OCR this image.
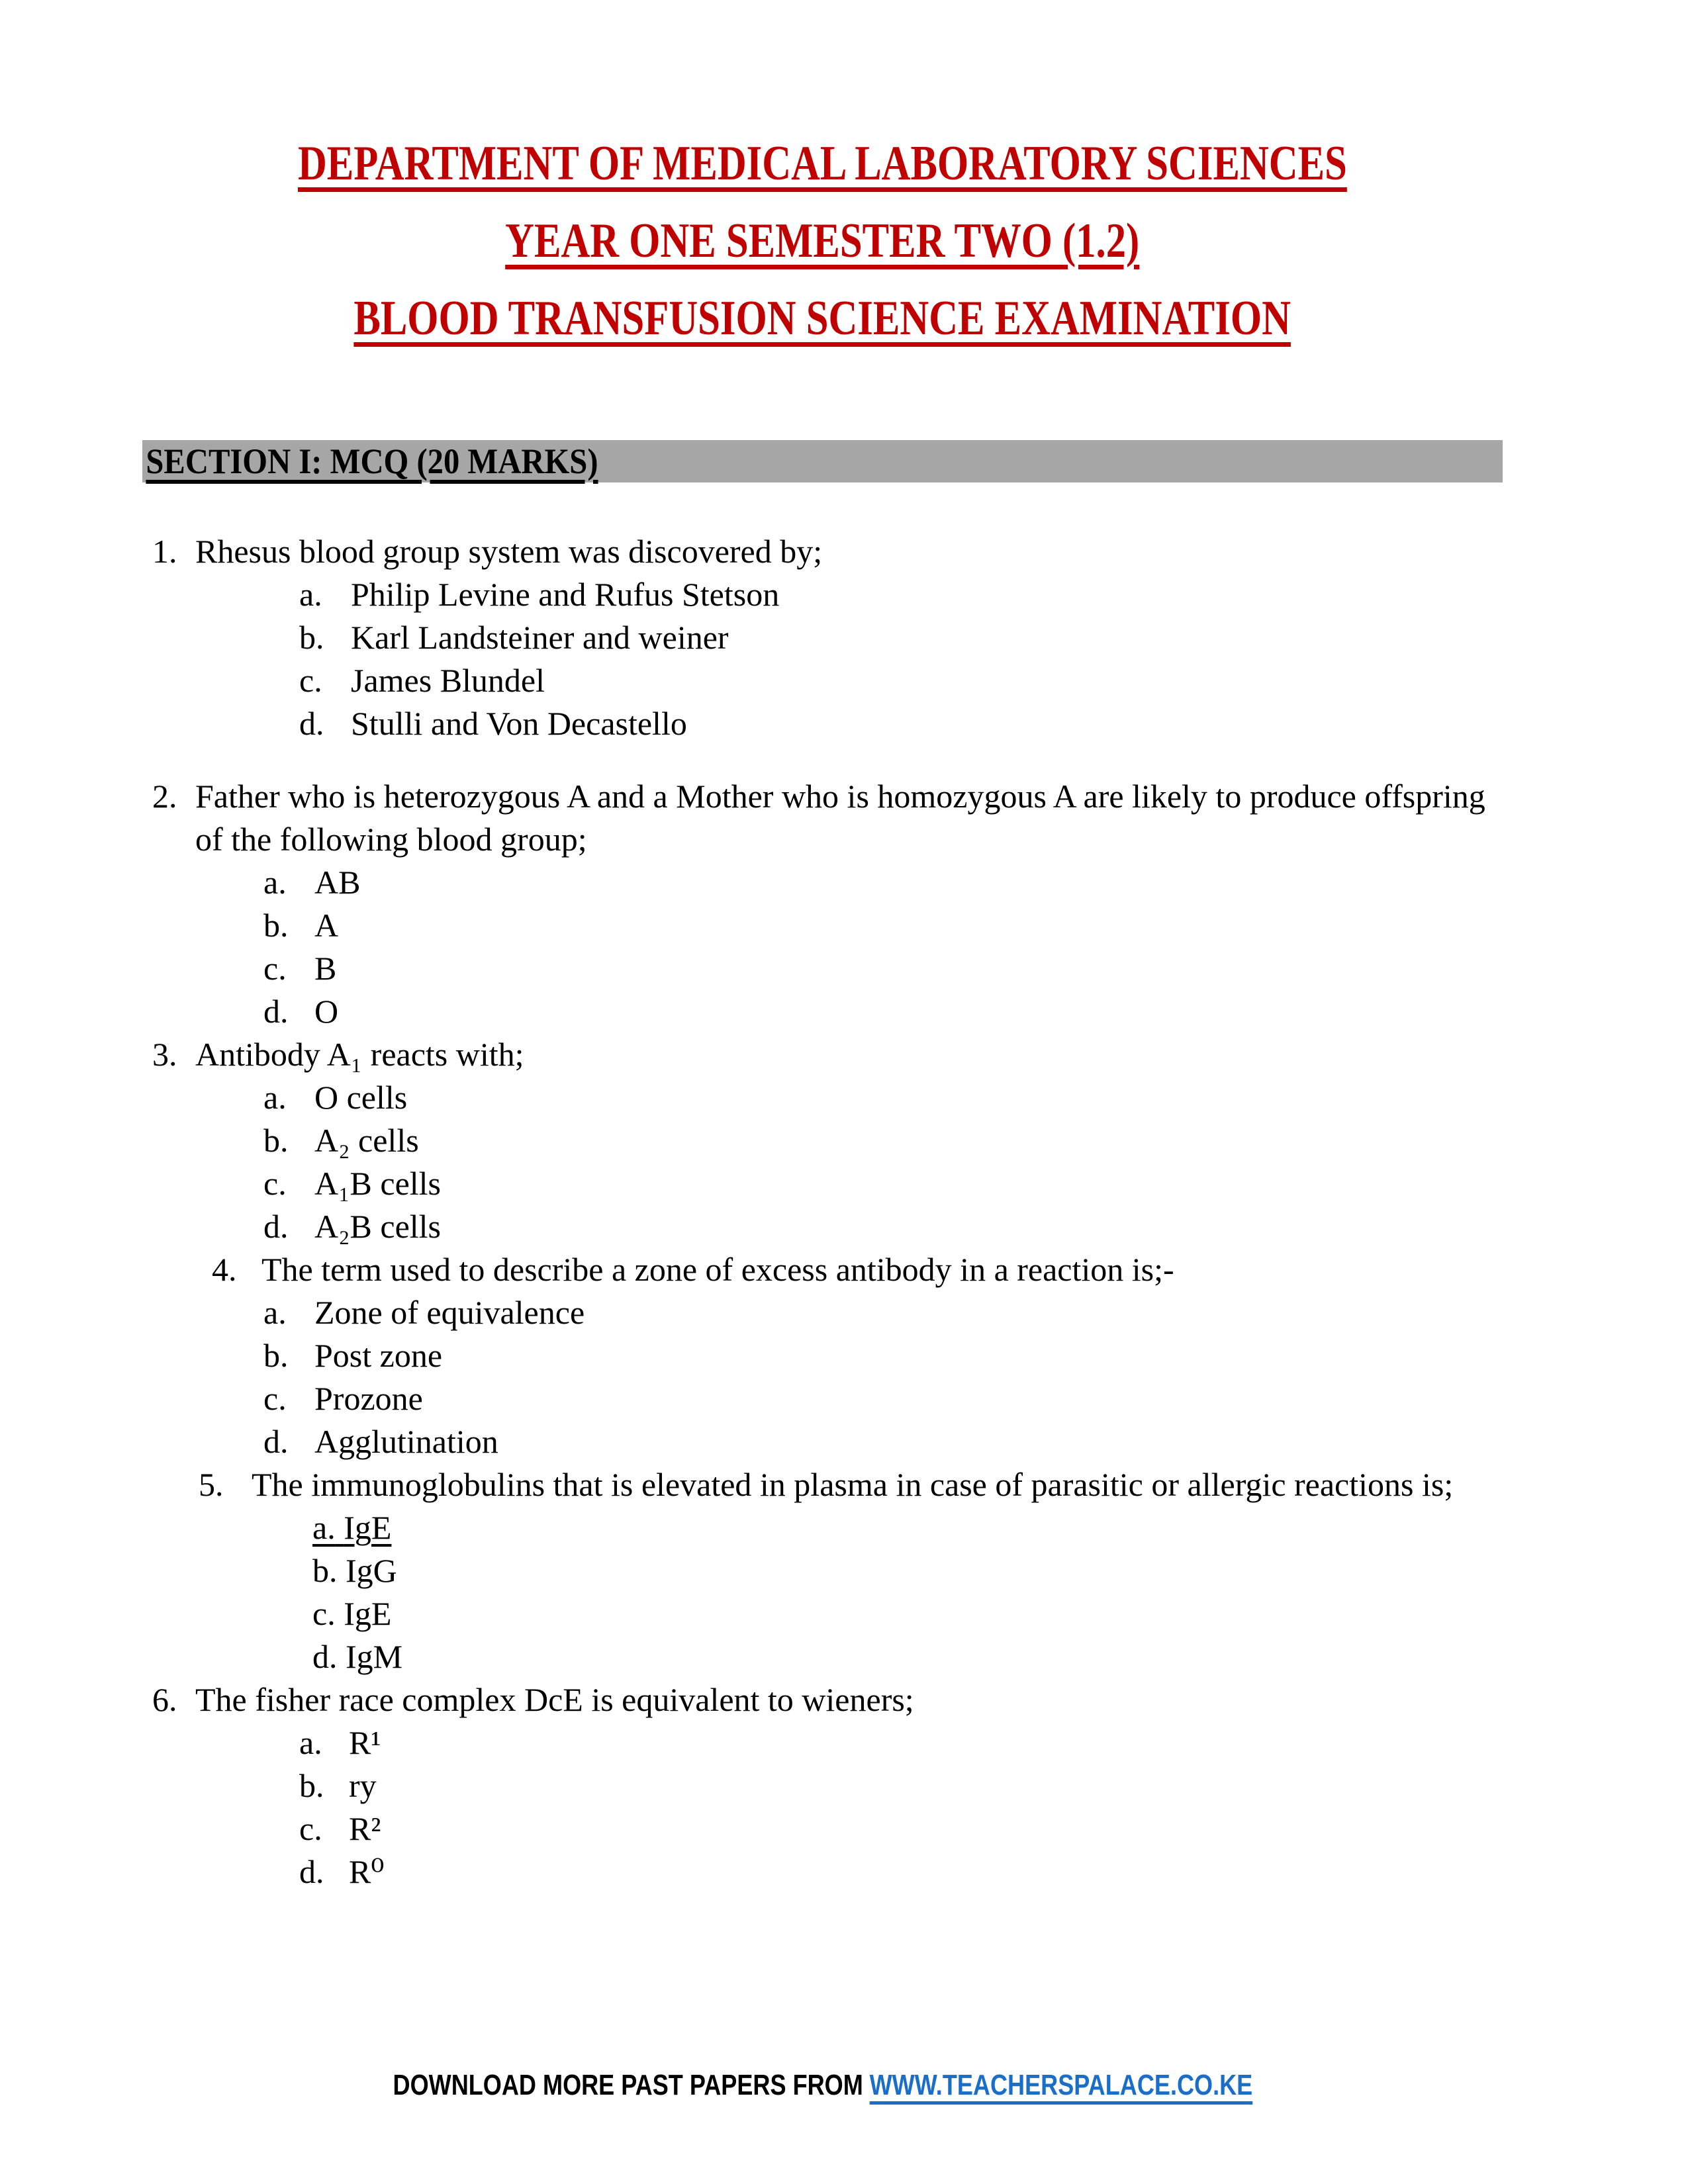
DEPARTMENT OF MEDICAL LABORATORY SCIENCES
YEAR ONE SEMESTER TWO (1.2)
BLOOD TRANSFUSION SCIENCE EXAMINATION
SECTION I: MCQ (20 MARKS)
1. Rhesus blood group system was discovered by;
a. Philip Levine and Rufus Stetson
b. Karl Landsteiner and weiner
c. James Blundel
d. Stulli and Von Decastello
2. Father who is heterozygous A and a Mother who is homozygous A are likely to produce offspring of the following blood group;
a. AB
b. A
c. B
d. O
3. Antibody A₁ reacts with;
a. O cells
b. A₂ cells
c. A₁B cells
d. A₂B cells
4. The term used to describe a zone of excess antibody in a reaction is;-
a. Zone of equivalence
b. Post zone
c. Prozone
d. Agglutination
5. The immunoglobulins that is elevated in plasma in case of parasitic or allergic reactions is;
a. IgE
b. IgG
c. IgE
d. IgM
6. The fisher race complex DcE is equivalent to wieners;
a. R¹
b. ry
c. R²
d. R⁰
DOWNLOAD MORE PAST PAPERS FROM WWW.TEACHERSPALACE.CO.KE
